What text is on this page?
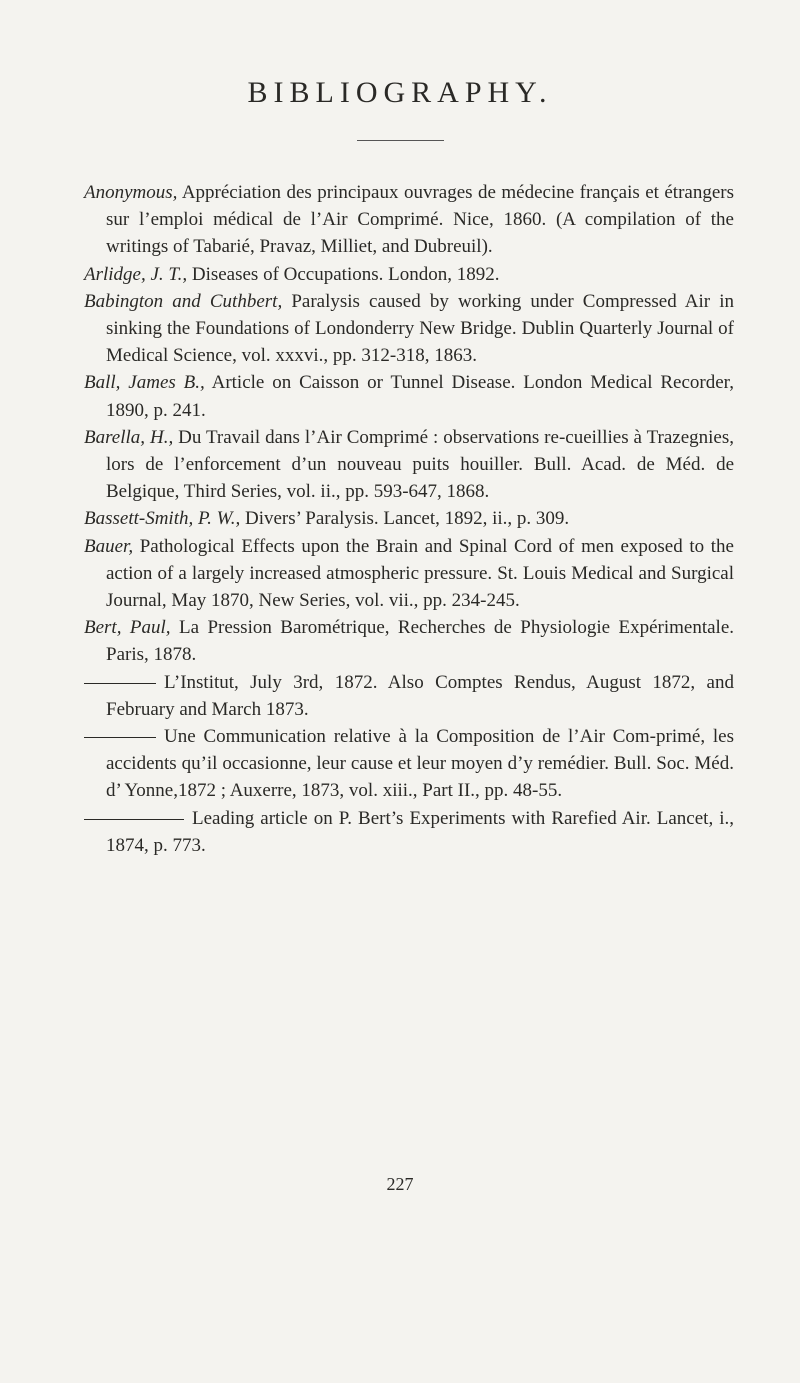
BIBLIOGRAPHY.

Anonymous, Appréciation des principaux ouvrages de médecine français et étrangers sur l’emploi médical de l’Air Comprimé. Nice, 1860. (A compilation of the writings of Tabarié, Pravaz, Milliet, and Dubreuil).

Arlidge, J. T., Diseases of Occupations. London, 1892.

Babington and Cuthbert, Paralysis caused by working under Compressed Air in sinking the Foundations of Londonderry New Bridge. Dublin Quarterly Journal of Medical Science, vol. xxxvi., pp. 312-318, 1863.

Ball, James B., Article on Caisson or Tunnel Disease. London Medical Recorder, 1890, p. 241.

Barella, H., Du Travail dans l’Air Comprimé : observations re-cueillies à Trazegnies, lors de l’enforcement d’un nouveau puits houiller. Bull. Acad. de Méd. de Belgique, Third Series, vol. ii., pp. 593-647, 1868.

Bassett-Smith, P. W., Divers’ Paralysis. Lancet, 1892, ii., p. 309.

Bauer, Pathological Effects upon the Brain and Spinal Cord of men exposed to the action of a largely increased atmospheric pressure. St. Louis Medical and Surgical Journal, May 1870, New Series, vol. vii., pp. 234-245.

Bert, Paul, La Pression Barométrique, Recherches de Physiologie Expérimentale. Paris, 1878.

L’Institut, July 3rd, 1872. Also Comptes Rendus, August 1872, and February and March 1873.

Une Communication relative à la Composition de l’Air Com-primé, les accidents qu’il occasionne, leur cause et leur moyen d’y remédier. Bull. Soc. Méd. d’ Yonne,1872 ; Auxerre, 1873, vol. xiii., Part II., pp. 48-55.

Leading article on P. Bert’s Experiments with Rarefied Air. Lancet, i., 1874, p. 773.

227
